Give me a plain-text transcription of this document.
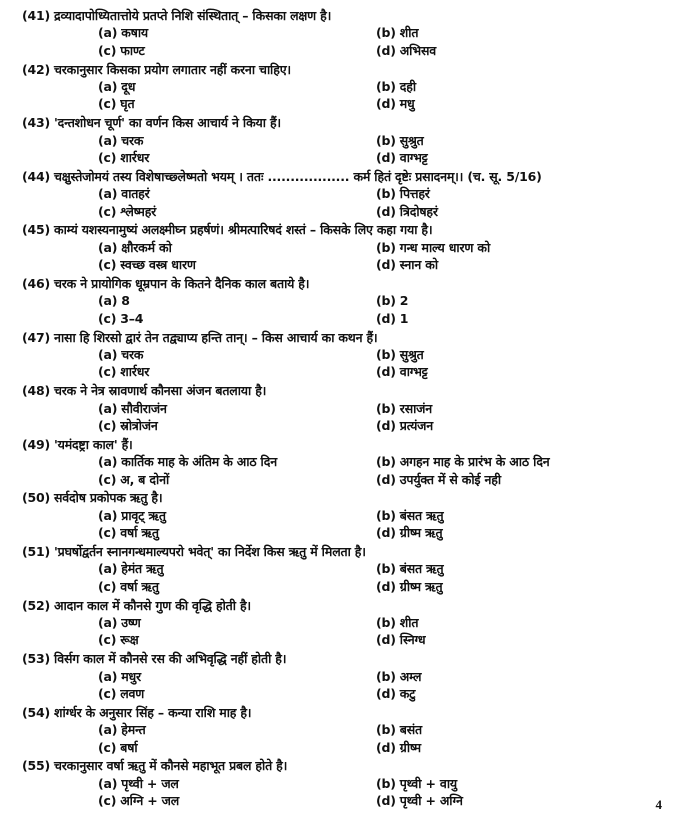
(41) द्रव्यादापोध्यितात्तोये प्रतप्ते निशि संस्थितात् – किसका लक्षण है।
(a) कषाय	(b) शीत
(c) फाण्ट	(d) अभिसव
(42) चरकानुसार किसका प्रयोग लगातार नहीं करना चाहिए।
(a) दूध	(b) दही
(c) घृत	(d) मधु
(43) 'दन्तशोधन चूर्ण' का वर्णन किस आचार्य ने किया हैं।
(a) चरक	(b) सुश्रुत
(c) शार्रधर	(d) वाग्भट्ट
(44) चक्षुस्तेजोमयं तस्य विशेषाच्छ्लेष्मतो भयम् । ततः .................. कर्म हितं दृष्टेः प्रसादनम्।। (च. सू. 5/16)
(a) वातहरं	(b) पित्तहरं
(c) श्लेष्महरं	(d) त्रिदोषहरं
(45) काम्यं यशस्यनामुष्यं अलक्ष्मीघ्न प्रहर्षणं। श्रीमत्पारिषदं शस्तं – किसके लिए कहा गया है।
(a) क्षौरकर्म को	(b) गन्ध माल्य धारण को
(c) स्वच्छ वस्त्र धारण	(d) स्नान को
(46) चरक ने प्रायोगिक धूम्रपान के कितने दैनिक काल बताये है।
(a) 8	(b) 2
(c) 3–4	(d) 1
(47) नासा हि शिरसो द्वारं तेन तद्व्याप्य हन्ति तान्। – किस आचार्य का कथन हैं।
(a) चरक	(b) सुश्रुत
(c) शार्रधर	(d) वाग्भट्ट
(48) चरक ने नेत्र स्रावणार्थ कौनसा अंजन बतलाया है।
(a) सौवीराजंन	(b) रसाजंन
(c) स्रोत्रोजंन	(d) प्रत्यंजन
(49) 'यमंदष्ट्रा काल' हैं।
(a) कार्तिक माह के अंतिम के आठ दिन	(b) अगहन माह के प्रारंभ के आठ दिन
(c) अ, ब दोनों	(d) उपर्युक्त में से कोई नही
(50) सर्वदोष प्रकोपक ऋतु है।
(a) प्रावृट् ऋतु	(b) बंसत ऋतु
(c) वर्षा ऋतु	(d) ग्रीष्म ऋतु
(51) 'प्रघर्षोद्वर्तन स्नानगन्धमाल्यपरो भवेत्' का निर्देश किस ऋतु में मिलता है।
(a) हेमंत ऋतु	(b) बंसत ऋतु
(c) वर्षा ऋतु	(d) ग्रीष्म ऋतु
(52) आदान काल में कौनसे गुण की वृद्धि होती है।
(a) उष्ण	(b) शीत
(c) रूक्ष	(d) स्निग्ध
(53) विर्सग काल में कौनसे रस की अभिवृद्धि नहीं होती है।
(a) मधुर	(b) अम्ल
(c) लवण	(d) कटु
(54) शांर्ग्धर के अनुसार सिंह – कन्या राशि माह है।
(a) हेमन्त	(b) बसंत
(c) बर्षा	(d) ग्रीष्म
(55) चरकानुसार वर्षा ऋतु में कौनसे महाभूत प्रबल होते है।
(a) पृथ्वी + जल	(b) पृथ्वी + वायु
(c) अग्नि + जल	(d) पृथ्वी + अग्नि	4
